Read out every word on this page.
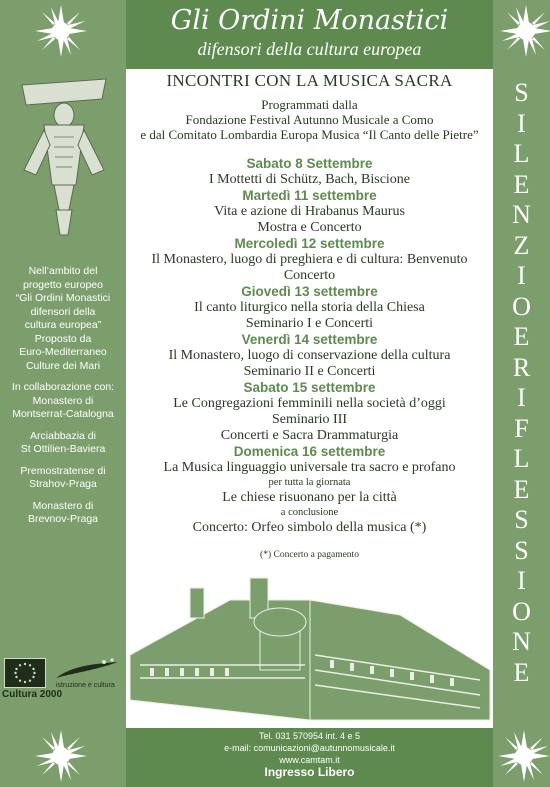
Gli Ordini Monastici
difensori della cultura europea
INCONTRI CON LA MUSICA SACRA
Programmati dalla
Fondazione Festival Autunno Musicale a Como
e dal Comitato Lombardia Europa Musica “Il Canto delle Pietre”
Sabato 8 Settembre
I Mottetti di Schütz, Bach, Biscione
Martedì 11 settembre
Vita e azione di Hrabanus Maurus
Mostra e Concerto
Mercoledì 12 settembre
Il Monastero, luogo di preghiera e di cultura: Benvenuto
Concerto
Giovedì 13 settembre
Il canto liturgico nella storia della Chiesa
Seminario I e Concerti
Venerdì 14 settembre
Il Monastero, luogo di conservazione della cultura
Seminario II e Concerti
Sabato 15 settembre
Le Congregazioni femminili nella società d’oggi
Seminario III
Concerti e Sacra Drammaturgia
Domenica 16 settembre
La Musica linguaggio universale tra sacro e profano
per tutta la giornata
Le chiese risuonano per la città
a conclusione
Concerto: Orfeo simbolo della musica (*)
(*) Concerto a pagamento
Info: CAMTAM, Villa Olmo - Como
Tel. 031 570954 int. 4 e 5
e-mail: comunicazioni@autunnomusicale.it
www.camtam.it
Ingresso Libero
S
I
L
E
N
Z
I
O
E
R
I
F
L
E
S
S
I
O
N
E
Nell’ambito del
progetto europeo
“Gli Ordini Monastici
difensori della
cultura europea”
Proposto da
Euro-Mediterraneo
Culture dei Mari
In collaborazione con:
Monastero di
Montserrat-Catalogna
Arciabbazia di
St Ottilien-Baviera
Premostratense di
Strahov-Praga
Monastero di
Brevnov-Praga
istruzione e cultura
Cultura 2000
